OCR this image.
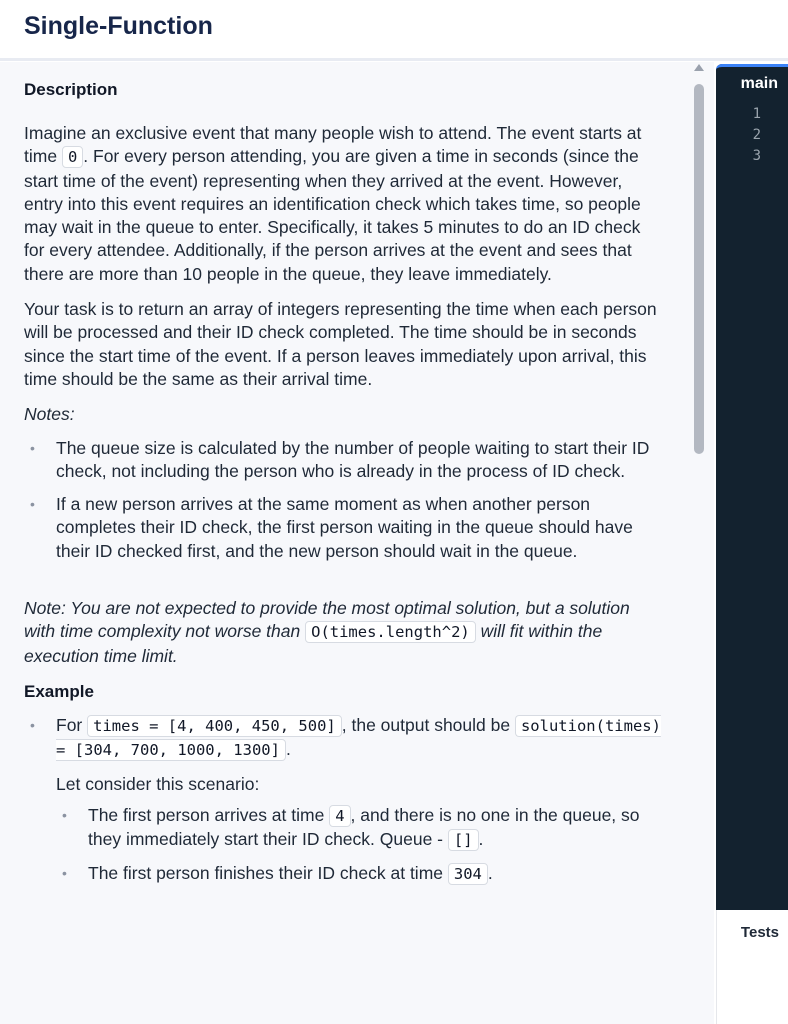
Single-Function
Description

Imagine an exclusive event that many people wish to attend. The event starts at time 0 . For every person attending, you are given a time in seconds (since the start time of the event) representing when they arrived at the event. However, entry into this event requires an identification check which takes time, so people may wait in the queue to enter. Specifically, it takes 5 minutes to do an ID check for every attendee. Additionally, if the person arrives at the event and sees that there are more than 10 people in the queue, they leave immediately.

Your task is to return an array of integers representing the time when each person will be processed and their ID check completed. The time should be in seconds since the start time of the event. If a person leaves immediately upon arrival, this time should be the same as their arrival time.

Notes:

• The queue size is calculated by the number of people waiting to start their ID check, not including the person who is already in the process of ID check.
• If a new person arrives at the same moment as when another person completes their ID check, the first person waiting in the queue should have their ID checked first, and the new person should wait in the queue.

Note: You are not expected to provide the most optimal solution, but a solution with time complexity not worse than O(times.length^2) will fit within the execution time limit.

Example
• For times = [4, 400, 450, 500] , the output should be solution(times) = [304, 700, 1000, 1300] .
Let consider this scenario:
• The first person arrives at time 4 , and there is no one in the queue, so they immediately start their ID check. Queue - [] .
• The first person finishes their ID check at time 304 .
main
1
2
3
Tests
